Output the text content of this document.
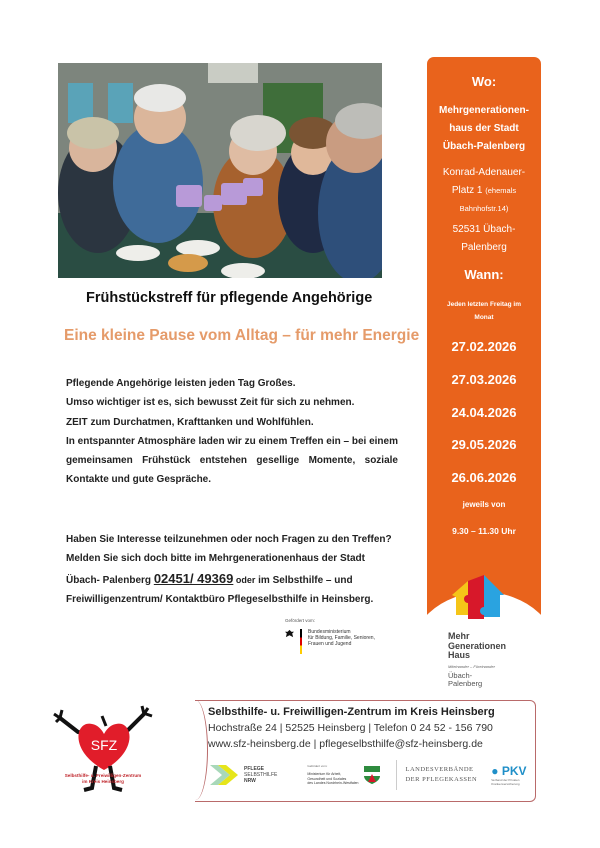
Frühstückstreff für pflegende Angehörige
Eine kleine Pause vom Alltag – für mehr Energie

Pflegende Angehörige leisten jeden Tag Großes.

Umso wichtiger ist es, sich bewusst Zeit für sich zu nehmen.

ZEIT zum Durchatmen, Krafttanken und Wohlfühlen.

In entspannter Atmosphäre laden wir zu einem Treffen ein – bei einem

gemeinsamen Frühstück entstehen gesellige Momente, soziale

Kontakte und gute Gespräche.

Haben Sie Interesse teilzunehmen oder noch Fragen zu den Treffen?

Melden Sie sich doch bitte im Mehrgenerationenhaus der Stadt

Übach- Palenberg 02451/ 49369 oder im Selbsthilfe – und

Freiwilligenzentrum/ Kontaktbüro Pflegeselbsthilfe in Heinsberg.

Gefördert vom:
Bundesministerium
für Bildung, Familie, Senioren,
Frauen und Jugend
Wo:
Mehrgenerationen-
haus der Stadt
Übach-Palenberg
Konrad-Adenauer-
Platz 1 (ehemals
Bahnhofstr.14)
52531 Übach-
Palenberg
Wann:
Jeden letzten Freitag im
Monat
27.02.2026
27.03.2026
24.04.2026
29.05.2026
26.06.2026
jeweils von
9.30 – 11.30 Uhr
Mehr
Generationen
Haus
Miteinander – Füreinander
Übach-
Palenberg
SFZ
Selbsthilfe- u. Freiwilligen-Zentrum
im Kreis Heinsberg
Selbsthilfe- u. Freiwilligen-Zentrum im Kreis Heinsberg
Hochstraße 24 | 52525 Heinsberg | Telefon 0 24 52 - 156 790
www.sfz-heinsberg.de | pflegeselbsthilfe@sfz-heinsberg.de
PFLEGE
SELBSTHILFE
NRW
Gefördert vom:
Ministerium für Arbeit,
Gesundheit und Soziales
des Landes Nordrhein-Westfalen
LANDESVERBÄNDE
DER PFLEGEKASSEN
● PKV
Verband der Privaten
Krankenversicherung
